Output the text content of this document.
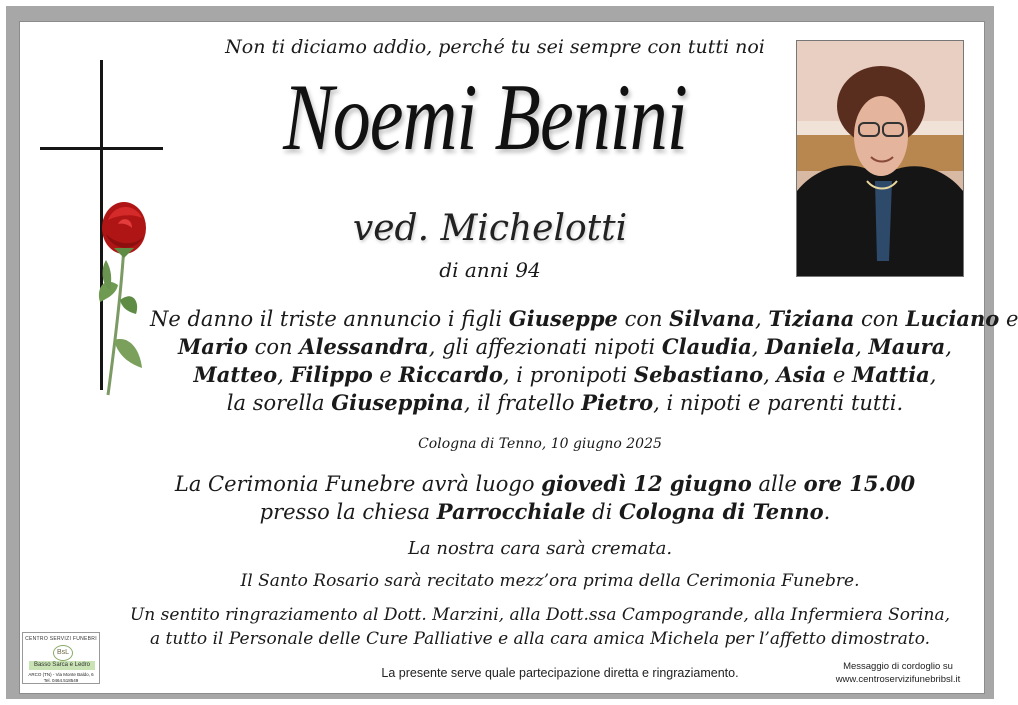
Non ti diciamo addio, perché tu sei sempre con tutti noi
Noemi Benini
ved. Michelotti
di anni 94
Ne danno il triste annuncio i figli Giuseppe con Silvana, Tiziana con Luciano e
Mario con Alessandra, gli affezionati nipoti Claudia, Daniela, Maura,
Matteo, Filippo e Riccardo, i pronipoti Sebastiano, Asia e Mattia,
la sorella Giuseppina, il fratello Pietro, i nipoti e parenti tutti.
Cologna di Tenno, 10 giugno 2025
La Cerimonia Funebre avrà luogo giovedì 12 giugno alle ore 15.00
presso la chiesa Parrocchiale di Cologna di Tenno.
La nostra cara sarà cremata.
Il Santo Rosario sarà recitato mezz’ora prima della Cerimonia Funebre.
Un sentito ringraziamento al Dott. Marzini, alla Dott.ssa Campogrande, alla Infermiera Sorina,
a tutto il Personale delle Cure Palliative e alla cara amica Michela per l’affetto dimostrato.
La presente serve quale partecipazione diretta e ringraziamento.	Messaggio di cordoglio su
www.centroservizifunebribsl.it
CENTRO SERVIZI FUNEBRI
BsL
Basso Sarca e Ledro
ARCO (TN) - Via Monte Baldo, 6
Tel. 0464.518549
